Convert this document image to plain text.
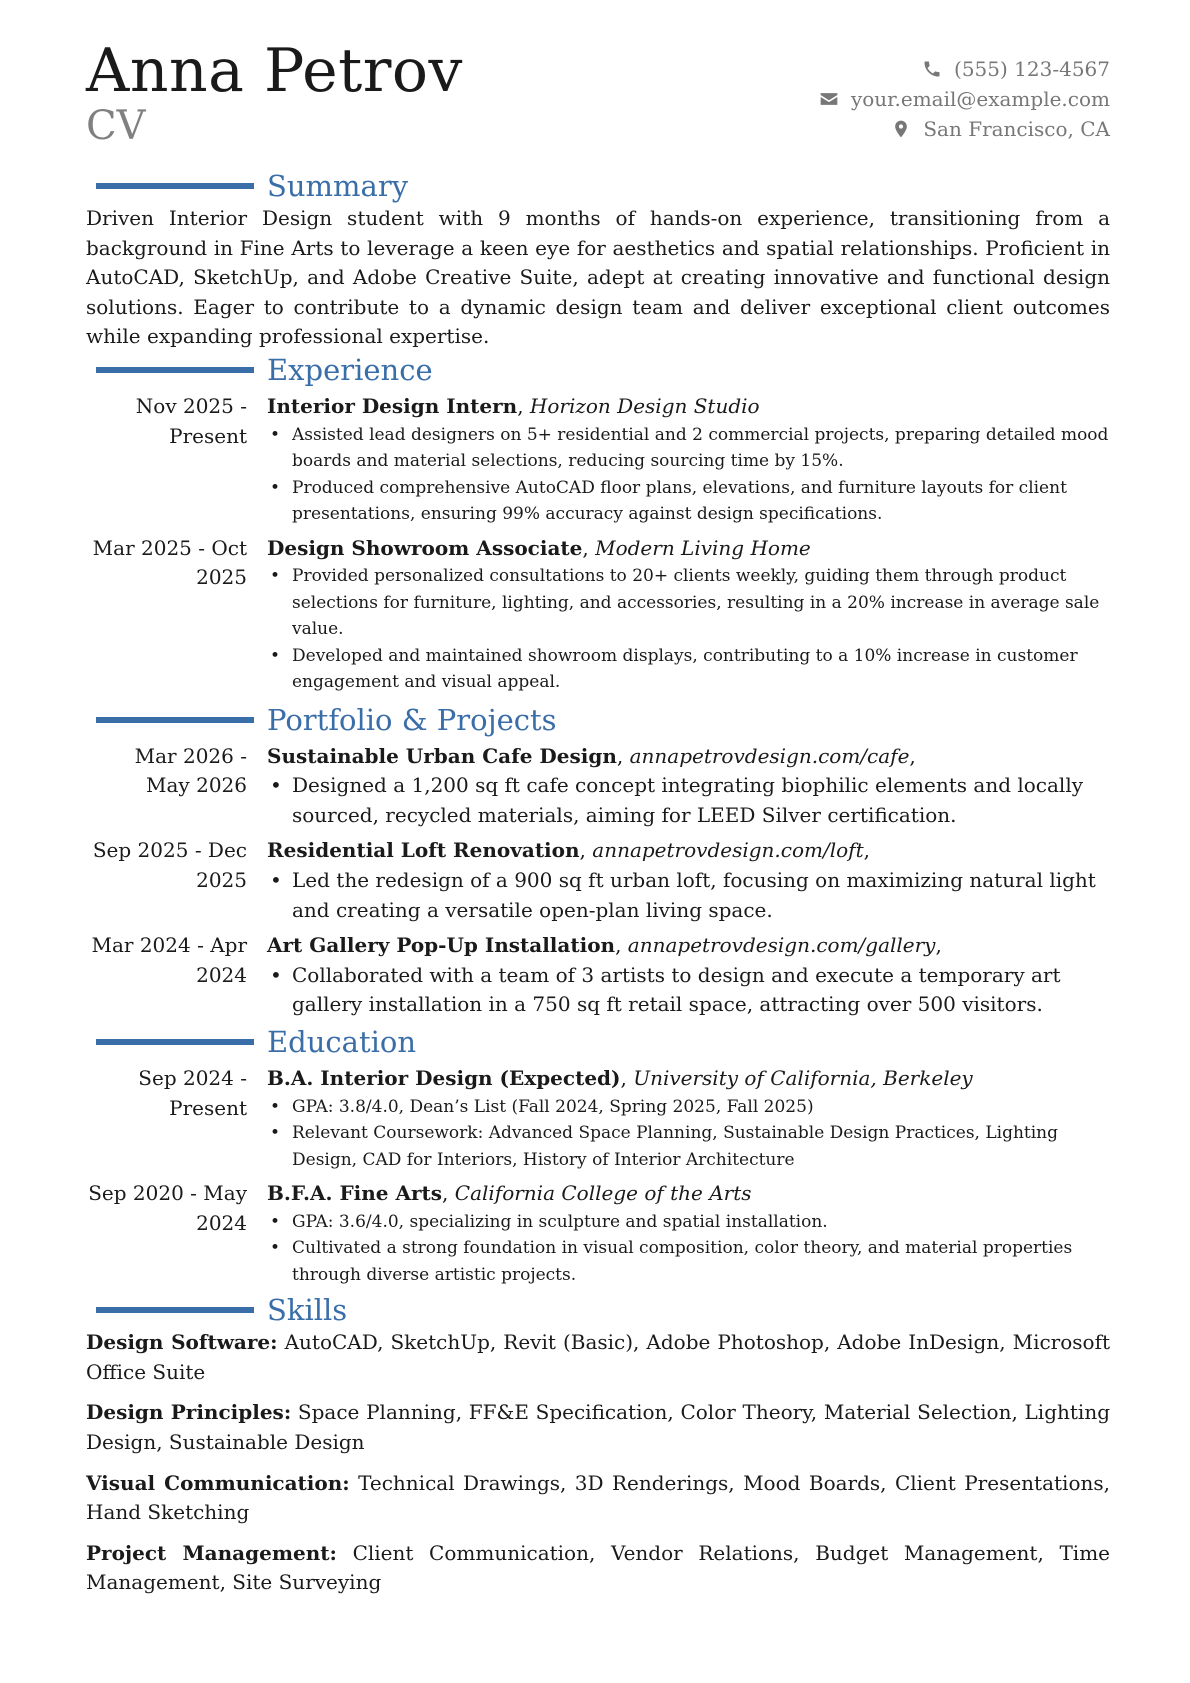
Anna Petrov
CV
(555) 123-4567
your.email@example.com
San Francisco, CA
Summary

Driven Interior Design student with 9 months of hands-on experience, transitioning from a background in Fine Arts to leverage a keen eye for aesthetics and spatial relationships. Proficient in AutoCAD, SketchUp, and Adobe Creative Suite, adept at creating innovative and functional design solutions. Eager to contribute to a dynamic design team and deliver exceptional client outcomes while expanding professional expertise.

Experience
Nov 2025 - Present
Interior Design Intern, Horizon Design Studio
• Assisted lead designers on 5+ residential and 2 commercial projects, preparing detailed mood boards and material selections, reducing sourcing time by 15%.
• Produced comprehensive AutoCAD floor plans, elevations, and furniture layouts for client presentations, ensuring 99% accuracy against design specifications.
Mar 2025 - Oct 2025
Design Showroom Associate, Modern Living Home
• Provided personalized consultations to 20+ clients weekly, guiding them through product selections for furniture, lighting, and accessories, resulting in a 20% increase in average sale value.
• Developed and maintained showroom displays, contributing to a 10% increase in customer engagement and visual appeal.
Portfolio & Projects
Mar 2026 - May 2026
Sustainable Urban Cafe Design, annapetrovdesign.com/cafe,
• Designed a 1,200 sq ft cafe concept integrating biophilic elements and locally sourced, recycled materials, aiming for LEED Silver certification.
Sep 2025 - Dec 2025
Residential Loft Renovation, annapetrovdesign.com/loft,
• Led the redesign of a 900 sq ft urban loft, focusing on maximizing natural light and creating a versatile open-plan living space.
Mar 2024 - Apr 2024
Art Gallery Pop-Up Installation, annapetrovdesign.com/gallery,
• Collaborated with a team of 3 artists to design and execute a temporary art gallery installation in a 750 sq ft retail space, attracting over 500 visitors.
Education
Sep 2024 - Present
B.A. Interior Design (Expected), University of California, Berkeley
• GPA: 3.8/4.0, Dean’s List (Fall 2024, Spring 2025, Fall 2025)
• Relevant Coursework: Advanced Space Planning, Sustainable Design Practices, Lighting Design, CAD for Interiors, History of Interior Architecture
Sep 2020 - May 2024
B.F.A. Fine Arts, California College of the Arts
• GPA: 3.6/4.0, specializing in sculpture and spatial installation.
• Cultivated a strong foundation in visual composition, color theory, and material properties through diverse artistic projects.
Skills

Design Software: AutoCAD, SketchUp, Revit (Basic), Adobe Photoshop, Adobe InDesign, Microsoft Office Suite

Design Principles: Space Planning, FF&E Specification, Color Theory, Material Selection, Lighting Design, Sustainable Design

Visual Communication: Technical Drawings, 3D Renderings, Mood Boards, Client Presentations, Hand Sketching

Project Management: Client Communication, Vendor Relations, Budget Management, Time Management, Site Surveying
